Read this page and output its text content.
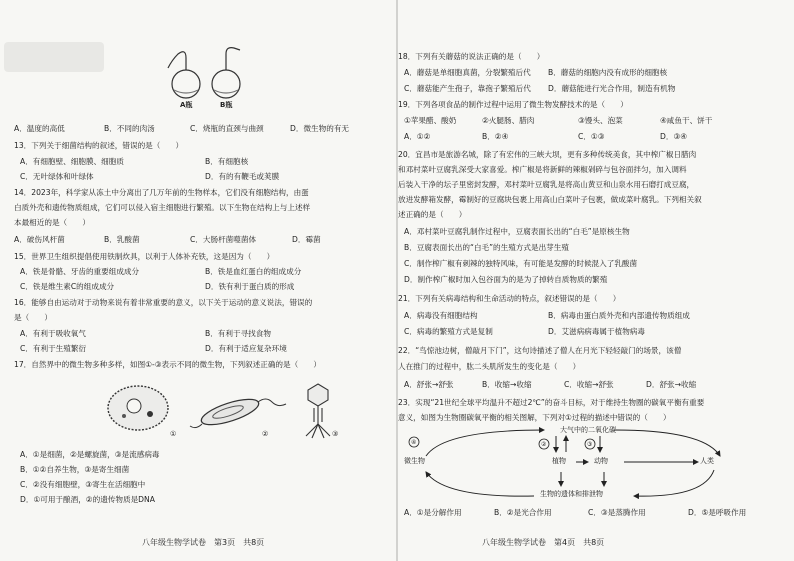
A瓶	B瓶
A．温度的高低	B．不同的肉汤	C．烧瓶的直颈与曲颈	D．微生物的有无
13．下列关于细菌结构的叙述，错误的是（　　）
A．有细胞壁、细胞膜、细胞质	B．有细胞核
C．无叶绿体和叶绿体	D．有的有鞭毛或荚膜
14．2023年，科学家从冻土中分离出了几万年前的生物样本，它们没有细胞结构，由蛋
白质外壳和遗传物质组成，它们可以侵入宿主细胞进行繁殖。以下生物在结构上与上述样
本最相近的是（　　）
A．破伤风杆菌	B．乳酸菌	C．大肠杆菌噬菌体	D．霉菌
15．世界卫生组织提倡使用铁制炊具，以利于人体补充铁，这是因为（　　）
A．铁是骨骼、牙齿的重要组成成分	B．铁是血红蛋白的组成成分
C．铁是维生素C的组成成分	D．铁有利于蛋白质的形成
16．能够自由运动对于动物来说有着非常重要的意义，以下关于运动的意义说法，错误的
是（　　）
A．有利于吸收氧气	B．有利于寻找食物
C．有利于生殖繁衍	D．有利于适应复杂环境
17．自然界中的微生物多种多样，如图①-③表示不同的微生物，下列叙述正确的是（　　）
①	②	③
A．①是细菌，②是螺旋菌，③是流感病毒
B．①②自养生物，③是寄生细菌
C．②没有细胞壁，③寄生在活细胞中
D．①可用于酿酒，②的遗传物质是DNA
八年级生物学试卷　第3页　共8页
18．下列有关蘑菇的说法正确的是（　　）
A．蘑菇是单细胞真菌，分裂繁殖后代 B．蘑菇的细胞内没有成形的细胞核
C．蘑菇能产生孢子，靠孢子繁殖后代 D．蘑菇能进行光合作用，制造有机物
19．下列各项食品的制作过程中运用了微生物发酵技术的是（　　）
①苹果醋、酸奶	②火腿肠、腊肉	③馒头、泡菜	④咸鱼干、饼干
A．①②	B．②④	C．①③	D．③④
20．宜昌市是旅游名城，除了有宏伟的三峡大坝，更有多种传统美食，其中榨广椒日腊肉
和邓村菜叶豆腐乳深受大家喜爱。榨广椒是将新鲜的辣椒剁碎与包谷面拌匀，加入调料
后装入干净的坛子里密封发酵，邓村菜叶豆腐乳是将高山黄豆和山泉水用石磨打成豆腐，
放进发酵箱发酵，霉制好的豆腐块包裹上用高山白菜叶子包裹，做成菜叶腐乳。下列相关叙
述正确的是（　　）
A．邓村菜叶豆腐乳制作过程中，豆腐表面长出的“白毛”是原核生物
B．豆腐表面长出的“白毛”的生殖方式是出芽生殖
C．制作榨广椒有刺辣的独特风味，有可能是发酵的时候混入了乳酸菌
D．制作榨广椒时加入包谷面为的是为了掉转自质物质的繁殖
21．下列有关病毒结构和生命活动的特点，叙述错误的是（　　）
A．病毒没有细胞结构	B．病毒由蛋白质外壳和内部遗传物质组成
C．病毒的繁殖方式是复制	D．艾滋病病毒属于植物病毒
22．“鸟惊池边树，僧敲月下门”，这句诗描述了僧人在月光下轻轻敲门的场景，该僧
人在推门的过程中，肱二头肌所发生的变化是（　　）
A．舒张→舒张	B．收缩→收缩	C．收缩→舒张	D．舒张→收缩
23．实现“21世纪全球平均温升不超过2℃”的奋斗目标，对于维持生物圈的碳氧平衡有重要
意义，如图为生物圈碳氧平衡的相关图解，下列对①过程的描述中错误的（　　）
大气中的二氧化碳
微生物	植物	动物	人类
生物的遗体和排泄物
④	②	③
A．①是分解作用	B．②是光合作用	C．③是蒸腾作用	D．⑤是呼吸作用
八年级生物学试卷　第4页　共8页
